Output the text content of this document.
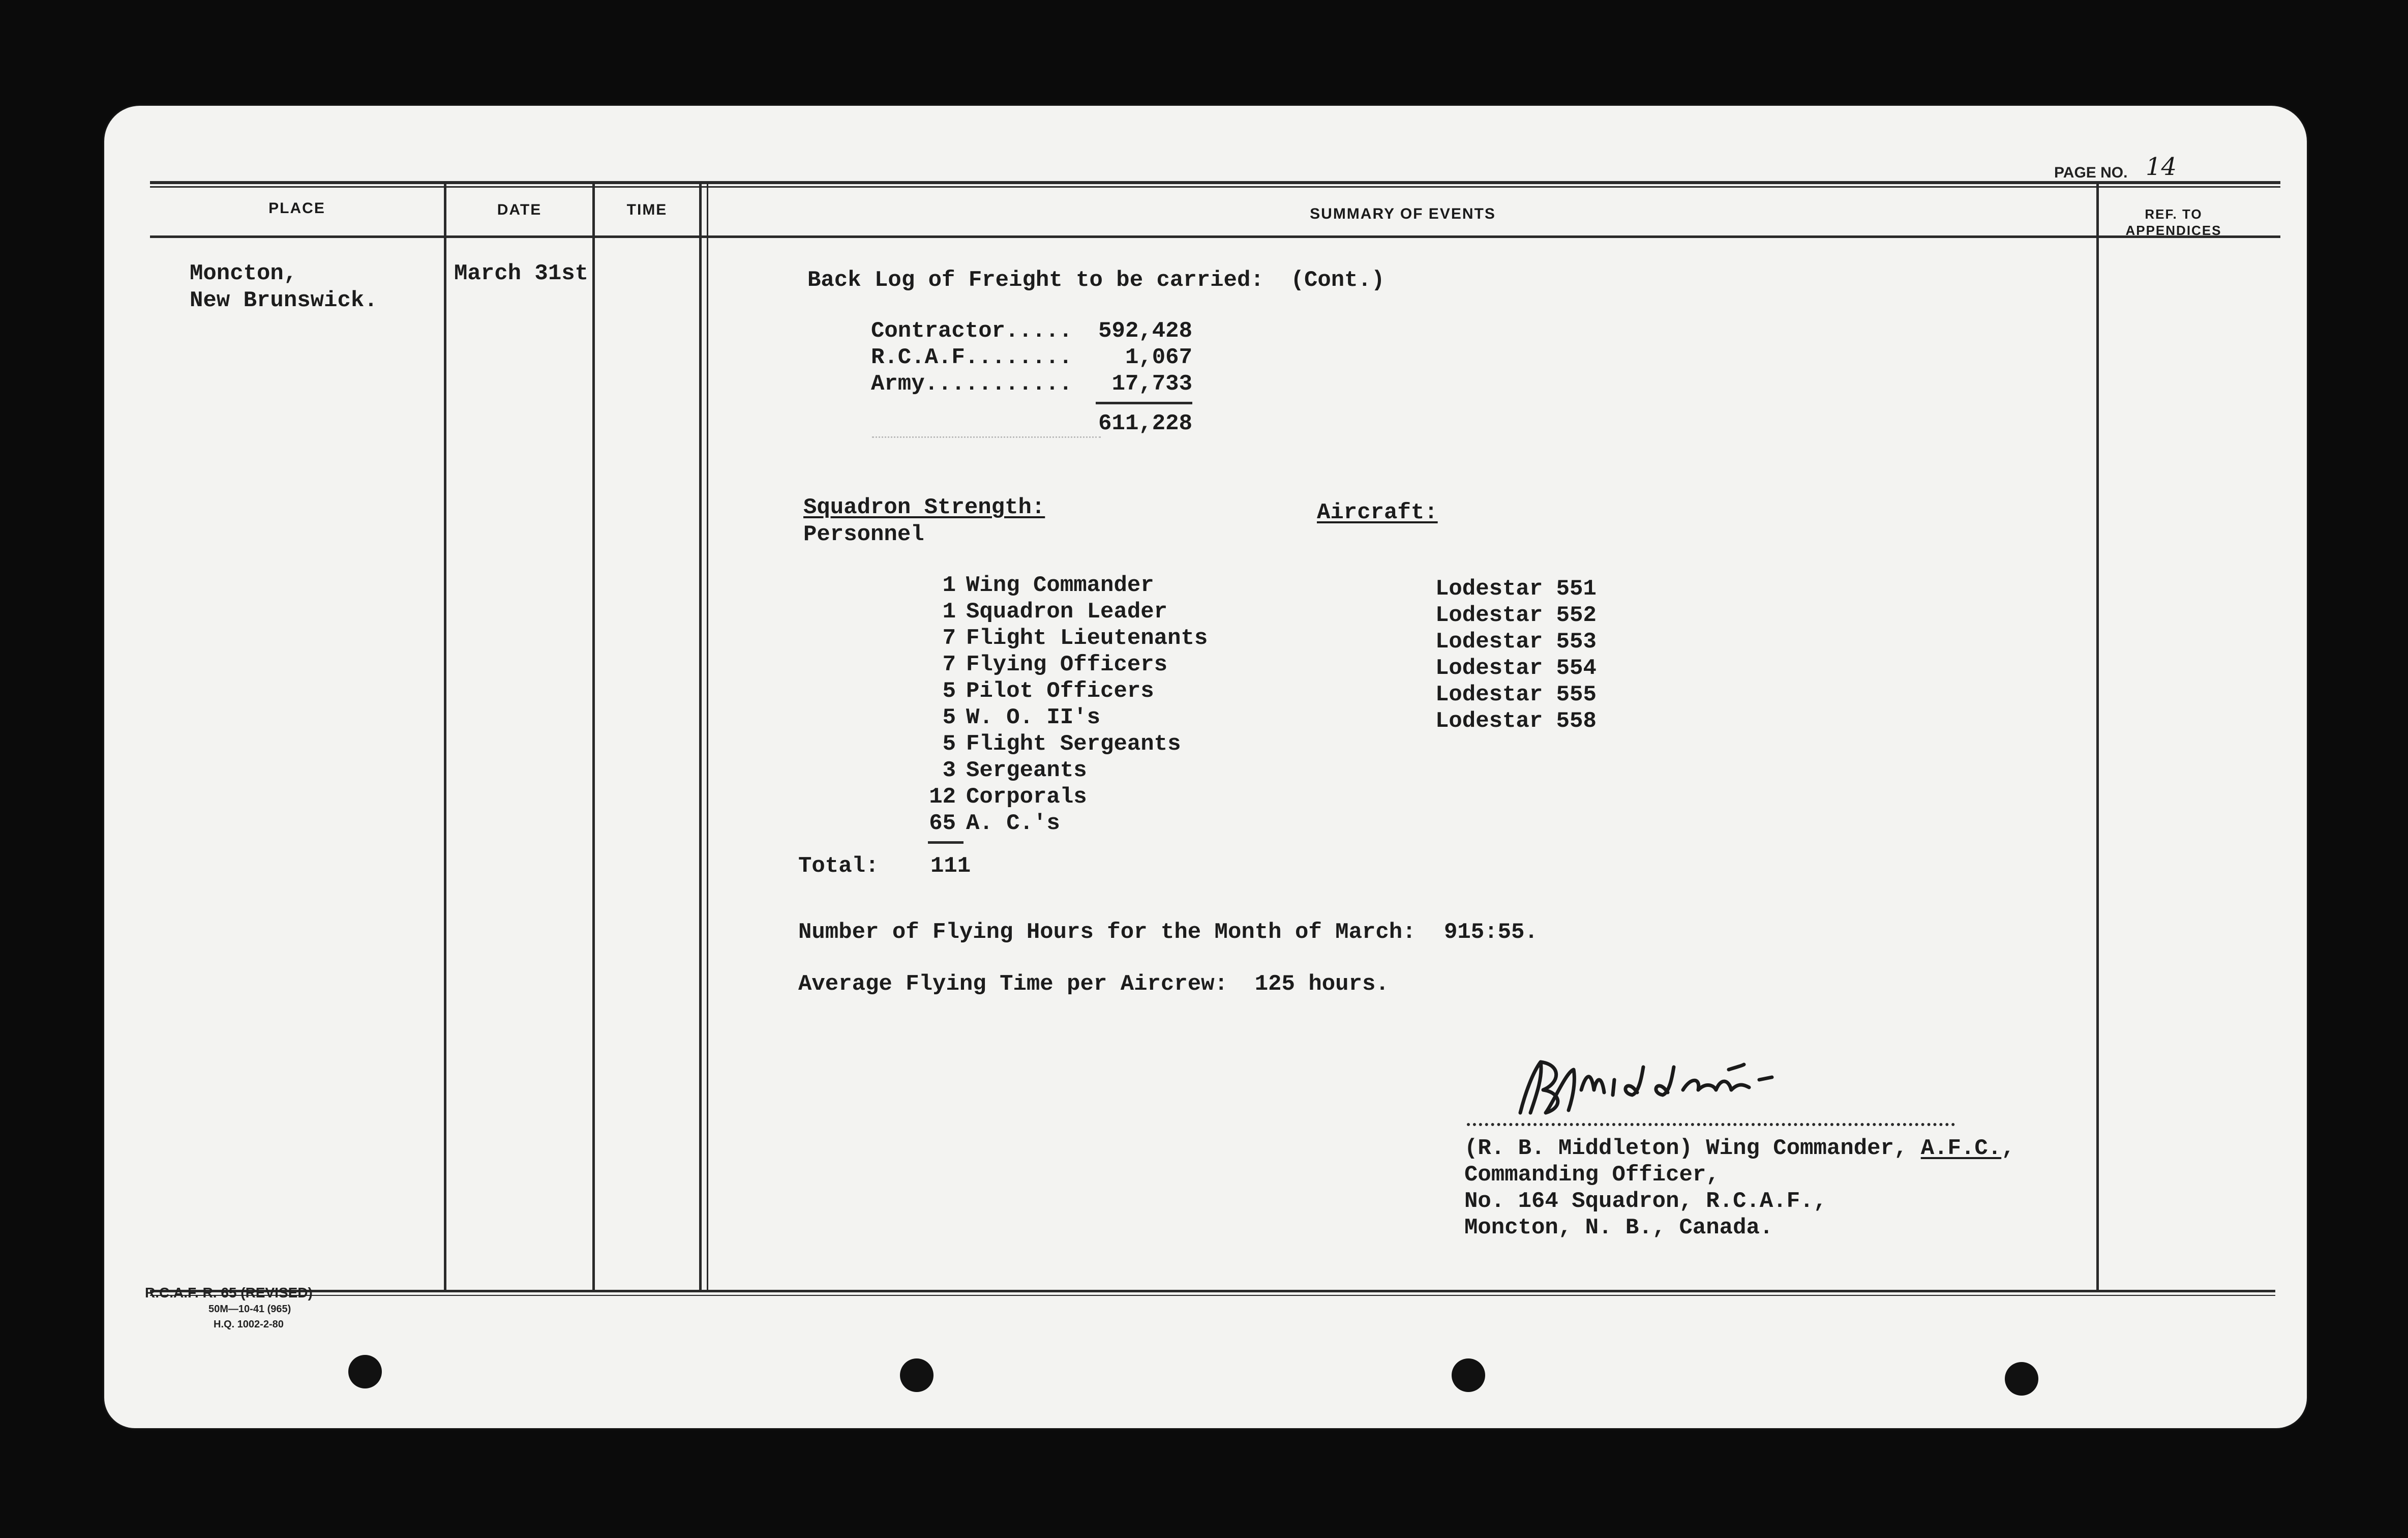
PAGE NO. 14
PLACE	DATE	TIME	SUMMARY OF EVENTS	REF. TO
APPENDICES
Moncton,
New Brunswick.
March 31st	Back Log of Freight to be carried:  (Cont.)
Contractor.....	592,428
R.C.A.F........	1,067
Army...........	17,733
611,228
Squadron Strength:
Personnel
1 Wing Commander
1 Squadron Leader
7 Flight Lieutenants
7 Flying Officers
5 Pilot Officers
5 W. O. II's
5 Flight Sergeants
3 Sergeants
12 Corporals
65 A. C.'s
Total: 111
Aircraft:
Lodestar 551
Lodestar 552
Lodestar 553
Lodestar 554
Lodestar 555
Lodestar 558
Number of Flying Hours for the Month of March: 915:55.
Average Flying Time per Aircrew:  125 hours.
(R. B. Middleton) Wing Commander, A.F.C.,
Commanding Officer,
No. 164 Squadron, R.C.A.F.,
Moncton, N. B., Canada.
R.C.A.F. R. 65 (REVISED)
50M—10-41 (965)
H.Q. 1002-2-80
